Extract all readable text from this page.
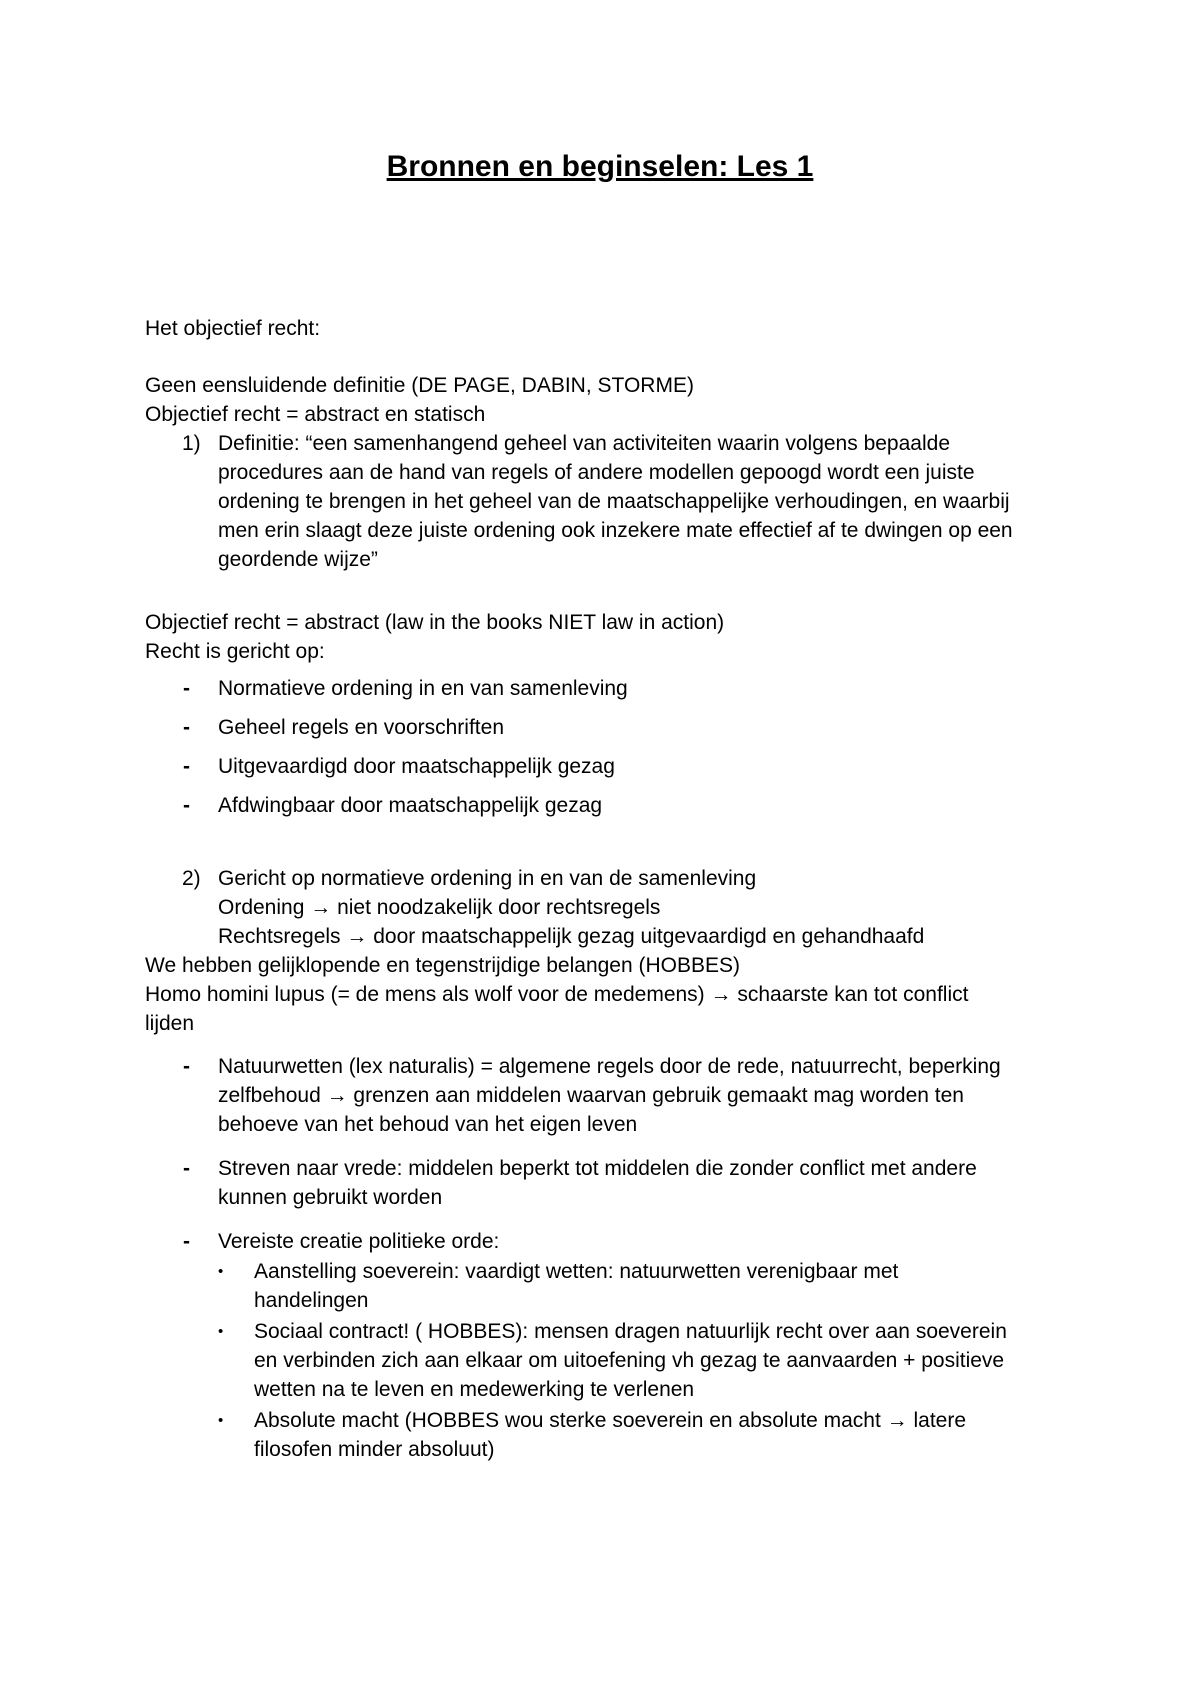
Bronnen en beginselen: Les 1
Het objectief recht:
Geen eensluidende definitie (DE PAGE, DABIN, STORME)
Objectief recht = abstract en statisch
1) Definitie: “een samenhangend geheel van activiteiten waarin volgens bepaalde
procedures aan de hand van regels of andere modellen gepoogd wordt een juiste
ordening te brengen in het geheel van de maatschappelijke verhoudingen, en waarbij
men erin slaagt deze juiste ordening ook inzekere mate effectief af te dwingen op een
geordende wijze”
Objectief recht = abstract (law in the books NIET law in action)
Recht is gericht op:
- Normatieve ordening in en van samenleving
- Geheel regels en voorschriften
- Uitgevaardigd door maatschappelijk gezag
- Afdwingbaar door maatschappelijk gezag
2) Gericht op normatieve ordening in en van de samenleving
Ordening → niet noodzakelijk door rechtsregels
Rechtsregels → door maatschappelijk gezag uitgevaardigd en gehandhaafd
We hebben gelijklopende en tegenstrijdige belangen (HOBBES)
Homo homini lupus (= de mens als wolf voor de medemens) → schaarste kan tot conflict
lijden
- Natuurwetten (lex naturalis) = algemene regels door de rede, natuurrecht, beperking
zelfbehoud → grenzen aan middelen waarvan gebruik gemaakt mag worden ten
behoeve van het behoud van het eigen leven
- Streven naar vrede: middelen beperkt tot middelen die zonder conflict met andere
kunnen gebruikt worden
- Vereiste creatie politieke orde:
• Aanstelling soeverein: vaardigt wetten: natuurwetten verenigbaar met
handelingen
• Sociaal contract! ( HOBBES): mensen dragen natuurlijk recht over aan soeverein
en verbinden zich aan elkaar om uitoefening vh gezag te aanvaarden + positieve
wetten na te leven en medewerking te verlenen
• Absolute macht (HOBBES wou sterke soeverein en absolute macht → latere
filosofen minder absoluut)
